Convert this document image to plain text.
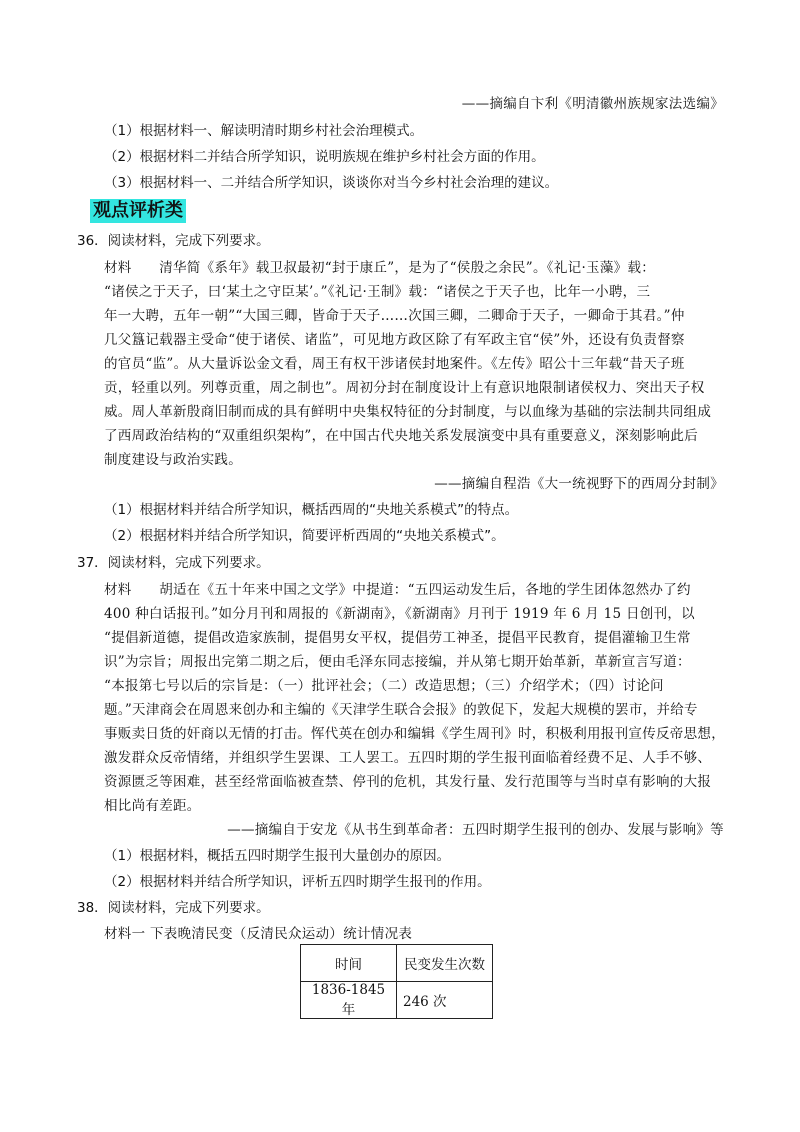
——摘编自卞利《明清徽州族规家法选编》
（1）根据材料一、解读明清时期乡村社会治理模式。
（2）根据材料二并结合所学知识，说明族规在维护乡村社会方面的作用。
（3）根据材料一、二并结合所学知识，谈谈你对当今乡村社会治理的建议。
观点评析类
36．阅读材料，完成下列要求。
材料　　清华简《系年》载卫叔最初“封于康丘”，是为了“侯殷之余民”。《礼记·玉藻》载：
“诸侯之于天子，曰‘某土之守臣某’。”《礼记·王制》载：“诸侯之于天子也，比年一小聘，三
年一大聘，五年一朝”“大国三卿，皆命于天子……次国三卿，二卿命于天子，一卿命于其君。”仲
几父簋记载器主受命“使于诸侯、诸监”，可见地方政区除了有军政主官“侯”外，还设有负责督察
的官员“监”。从大量诉讼金文看，周王有权干涉诸侯封地案件。《左传》昭公十三年载“昔天子班
贡，轻重以列。列尊贡重，周之制也”。周初分封在制度设计上有意识地限制诸侯权力、突出天子权
威。周人革新殷商旧制而成的具有鲜明中央集权特征的分封制度，与以血缘为基础的宗法制共同组成
了西周政治结构的“双重组织架构”，在中国古代央地关系发展演变中具有重要意义，深刻影响此后
制度建设与政治实践。
——摘编自程浩《大一统视野下的西周分封制》
（1）根据材料并结合所学知识，概括西周的“央地关系模式”的特点。
（2）根据材料并结合所学知识，简要评析西周的“央地关系模式”。
37．阅读材料，完成下列要求。
材料　　胡适在《五十年来中国之文学》中提道：“五四运动发生后，各地的学生团体忽然办了约
400 种白话报刊。”如分月刊和周报的《新湖南》，《新湖南》月刊于 1919 年 6 月 15 日创刊，以
“提倡新道德，提倡改造家族制，提倡男女平权，提倡劳工神圣，提倡平民教育，提倡灌输卫生常
识”为宗旨；周报出完第二期之后，便由毛泽东同志接编，并从第七期开始革新，革新宣言写道：
“本报第七号以后的宗旨是：（一）批评社会；（二）改造思想；（三）介绍学术；（四）讨论问
题。”天津商会在周恩来创办和主编的《天津学生联合会报》的敦促下，发起大规模的罢市，并给专
事贩卖日货的奸商以无情的打击。恽代英在创办和编辑《学生周刊》时，积极利用报刊宣传反帝思想，
激发群众反帝情绪，并组织学生罢课、工人罢工。五四时期的学生报刊面临着经费不足、人手不够、
资源匮乏等困难，甚至经常面临被查禁、停刊的危机，其发行量、发行范围等与当时卓有影响的大报
相比尚有差距。
——摘编自于安龙《从书生到革命者：五四时期学生报刊的创办、发展与影响》等
（1）根据材料，概括五四时期学生报刊大量创办的原因。
（2）根据材料并结合所学知识，评析五四时期学生报刊的作用。
38．阅读材料，完成下列要求。
材料一 下表晚清民变（反清民众运动）统计情况表
时间	民变发生次数
1836-1845 年	246 次
